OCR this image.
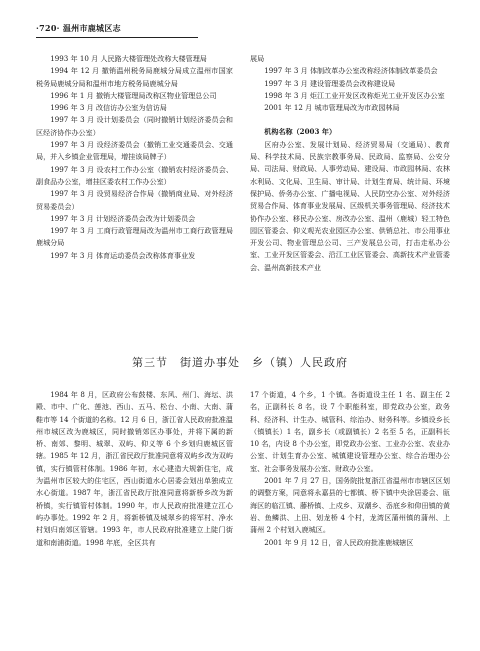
·720· 温州市鹿城区志

1993 年 10 月 人民路大楼管理处改称大楼管理局

1994 年 12 月 撤销温州税务局鹿城分局成立温州市国家税务局鹿城分局和温州市地方税务局鹿城分局

1996 年 1 月 撤销大楼管理局改称区物业管理总公司

1996 年 3 月 改信访办公室为信访局

1997 年 3 月 设计划委员会（同时撤销计划经济委员会和区经济协作办公室）

1997 年 3 月 设经济委员会（撤销工业交通委员会、交通局，并入乡镇企业管理局，增挂该局牌子）

1997 年 3 月 设农村工作办公室（撤销农村经济委员会、副食品办公室，增挂区委农村工作办公室）

1997 年 3 月 设贸易经济合作局（撤销商业局、对外经济贸易委员会）

1997 年 3 月 计划经济委员会改为计划委员会

1997 年 3 月 工商行政管理局改为温州市工商行政管理局鹿城分局

1997 年 3 月 体育运动委员会改称体育事业发

展局

1997 年 3 月 体制改革办公室改称经济体制改革委员会

1997 年 3 月 建设管理委员会改称建设局

1998 年 3 月 炬江工业开发区改称炬光工业开发区办公室

2001 年 12 月 城市管理局改为市政园林局

机构名称（2003 年）

区府办公室、发展计划局、经济贸易局（交通局）、教育局、科学技术局、民族宗教事务局、民政局、监察局、公安分局、司法局、财政局、人事劳动局、建设局、市政园林局、农林水利局、文化局、卫生局、审计局、计划生育局、统计局、环境保护局、侨务办公室、广播电视局、人民防空办公室、对外经济贸易合作局、体育事业发展局、区级机关事务管理局、经济技术协作办公室、移民办公室、房改办公室、温州（鹿城）轻工特色园区管委会、仰义观光农业园区办公室、供销总社、市公用事业开发公司、物业管理总公司、三产发展总公司，打击走私办公室、工业开发区管委会、沿江工业区管委会、高新技术产业管委会、温州高新技术产业

第三节　街道办事处　乡（镇）人民政府

1984 年 8 月，区政府公布鼓楼、东风、州门、海坛、洪殿、市中、广化、莲池、西山、五马、松台、小南、大南、蒲鞋市等 14 个街道的名称。12 月 6 日，浙江省人民政府批准温州市城区改为鹿城区，同时撤销郊区办事处，并将下属的新桥、南郊、黎明、城翠、双屿、仰义等 6 个乡划归鹿城区管辖。1985 年 12 月，浙江省民政厅批准同意将双屿乡改为双屿镇，实行镇管村体制。1986 年初，水心建造大规新住宅，成为温州市区较大的住宅区，西山街道水心居委会划出单独成立水心街道。1987 年，浙江省民政厅批准同意将新桥乡改为新桥镇，实行镇管村体制。1990 年，市人民政府批准建立江心屿办事处。1992 年 2 月，将新桥镇及城翠乡的将军村、净水村划归南郊区管辖。1993 年，市人民政府批准建立上陡门街道和南浦街道。1998 年底，全区共有

17 个街道，4 个乡，1 个镇。各街道设主任 1 名、副主任 2 名，正副科长 8 名，设 7 个职能科室，即党政办公室，政务科、经济科、计生办、城管科、综治办、财务科等。乡镇设乡长（镇镇长）1 名，副乡长（或副镇长）2 名至 5 名，正副科长 10 名，内设 8 个办公室，即党政办公室、工业办公室、农业办公室、计划生育办公室、城镇建设管理办公室、综合治理办公室、社会事务发展办公室、财政办公室。

2001 年 7 月 27 日，国务院批复浙江省温州市市辖区区划的调整方案，同意将永嘉县的七都镇、桥下镇中央涂居委会、瓯海区的临江镇、藤桥镇、上戍乡、双潮乡、岙底乡和仰田镇的黄岩、鱼鳞洪、上田、划龙桥 4 个村，龙湾区蒲州镇的蒲州、上蒲州 2 个村划入鹿城区。

2001 年 9 月 12 日，省人民政府批准鹿城辖区
